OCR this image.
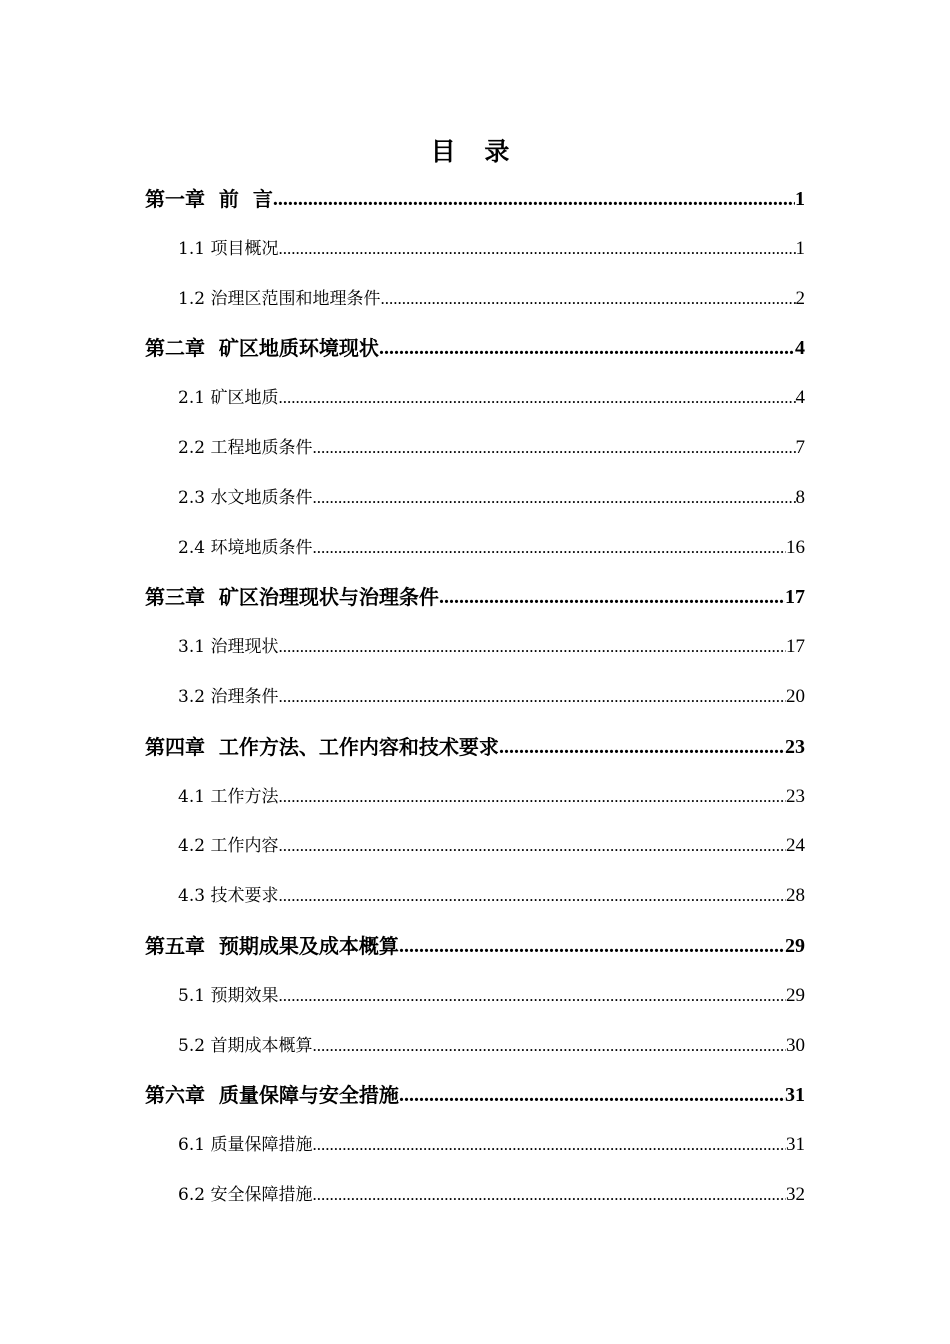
目 录
第一章  前  言 .....	1
1.1 项目概况 .....	1
1.2 治理区范围和地理条件 .....	2
第二章  矿区地质环境现状 .....	4
2.1 矿区地质 .....	4
2.2 工程地质条件 .....	7
2.3 水文地质条件 .....	8
2.4 环境地质条件 .....	16
第三章  矿区治理现状与治理条件 .....	17
3.1 治理现状 .....	17
3.2 治理条件 .....	20
第四章  工作方法、工作内容和技术要求 .....	23
4.1 工作方法 .....	23
4.2 工作内容 .....	24
4.3 技术要求 .....	28
第五章  预期成果及成本概算 .....	29
5.1 预期效果 .....	29
5.2 首期成本概算 .....	30
第六章  质量保障与安全措施 .....	31
6.1 质量保障措施 .....	31
6.2 安全保障措施 .....	32
